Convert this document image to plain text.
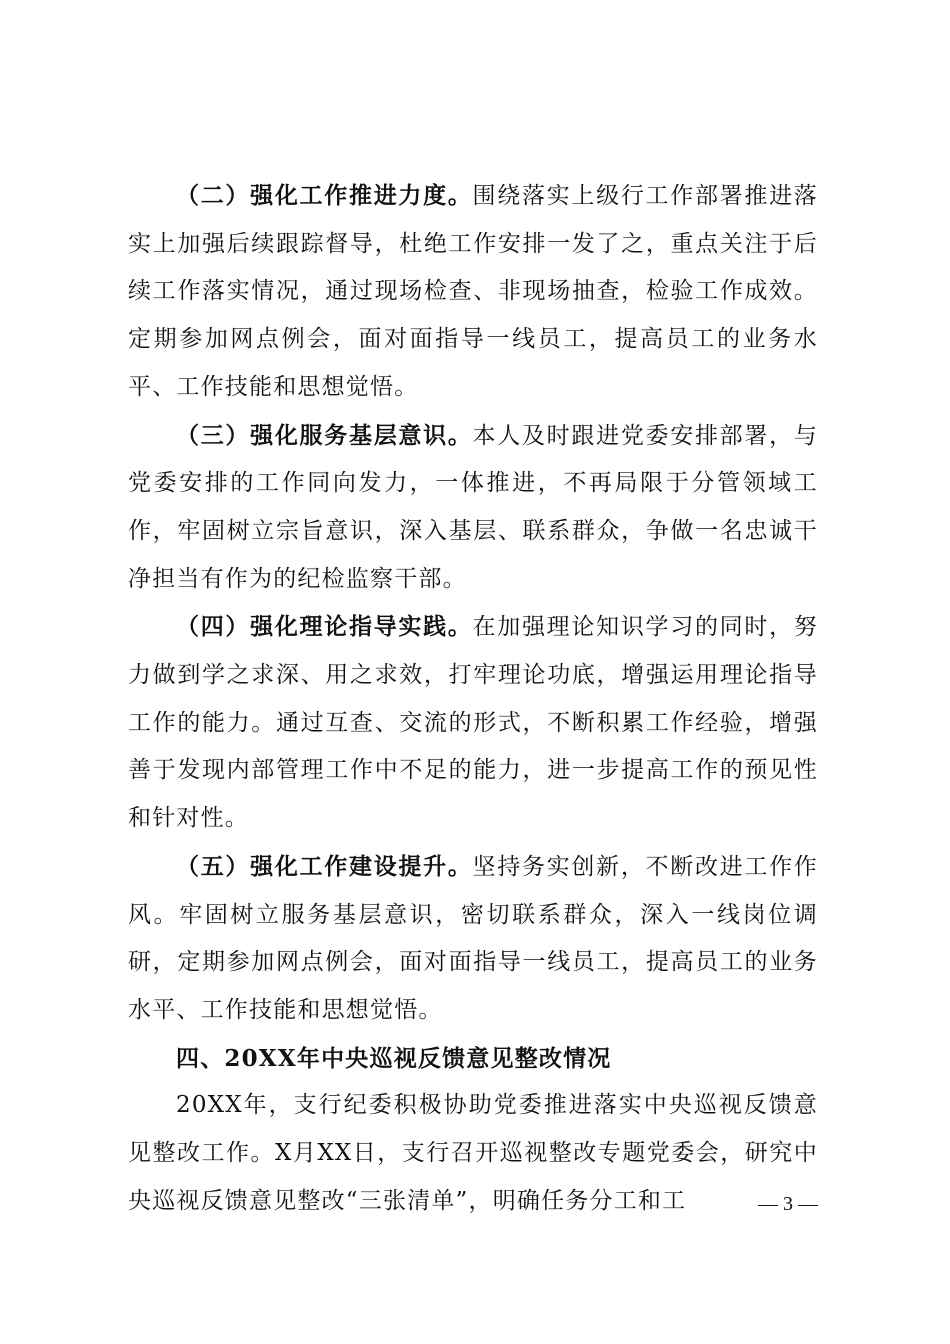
（二）强化工作推进力度。围绕落实上级行工作部署推进落实上加强后续跟踪督导，杜绝工作安排一发了之，重点关注于后续工作落实情况，通过现场检查、非现场抽查，检验工作成效。定期参加网点例会，面对面指导一线员工，提高员工的业务水平、工作技能和思想觉悟。

（三）强化服务基层意识。本人及时跟进党委安排部署，与党委安排的工作同向发力，一体推进，不再局限于分管领域工作，牢固树立宗旨意识，深入基层、联系群众，争做一名忠诚干净担当有作为的纪检监察干部。

（四）强化理论指导实践。在加强理论知识学习的同时，努力做到学之求深、用之求效，打牢理论功底，增强运用理论指导工作的能力。通过互查、交流的形式，不断积累工作经验，增强善于发现内部管理工作中不足的能力，进一步提高工作的预见性和针对性。

（五）强化工作建设提升。坚持务实创新，不断改进工作作风。牢固树立服务基层意识，密切联系群众，深入一线岗位调研，定期参加网点例会，面对面指导一线员工，提高员工的业务水平、工作技能和思想觉悟。

四、20XX年中央巡视反馈意见整改情况

20XX年，支行纪委积极协助党委推进落实中央巡视反馈意见整改工作。X月XX日，支行召开巡视整改专题党委会，研究中央巡视反馈意见整改“三张清单”，明确任务分工和工	— 3 —
